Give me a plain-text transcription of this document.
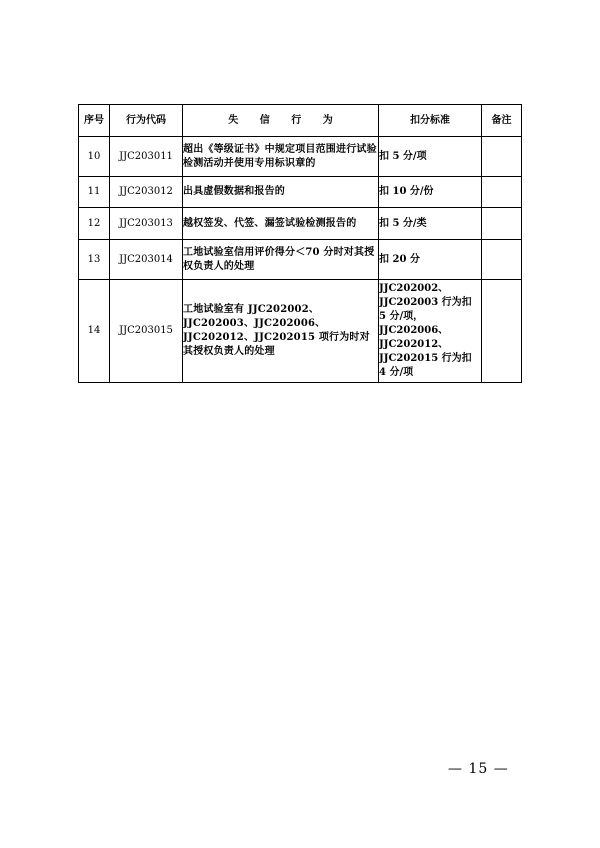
序号	行为代码	失 信 行 为	扣分标准	备注
10	JJC203011	超出《等级证书》中规定项目范围进行试验检测活动并使用专用标识章的	扣 5 分/项	
11	JJC203012	出具虚假数据和报告的	扣 10 分/份	
12	JJC203013	越权签发、代签、漏签试验检测报告的	扣 5 分/类	
13	JJC203014	工地试验室信用评价得分＜70 分时对其授权负责人的处理	扣 20 分	
14	JJC203015	工地试验室有 JJC202002、JJC202003、JJC202006、JJC202012、JJC202015 项行为时对其授权负责人的处理	JJC202002、JJC202003 行为扣 5 分/项， JJC202006、JJC202012、JJC202015 行为扣 4 分/项	
— 15 —
